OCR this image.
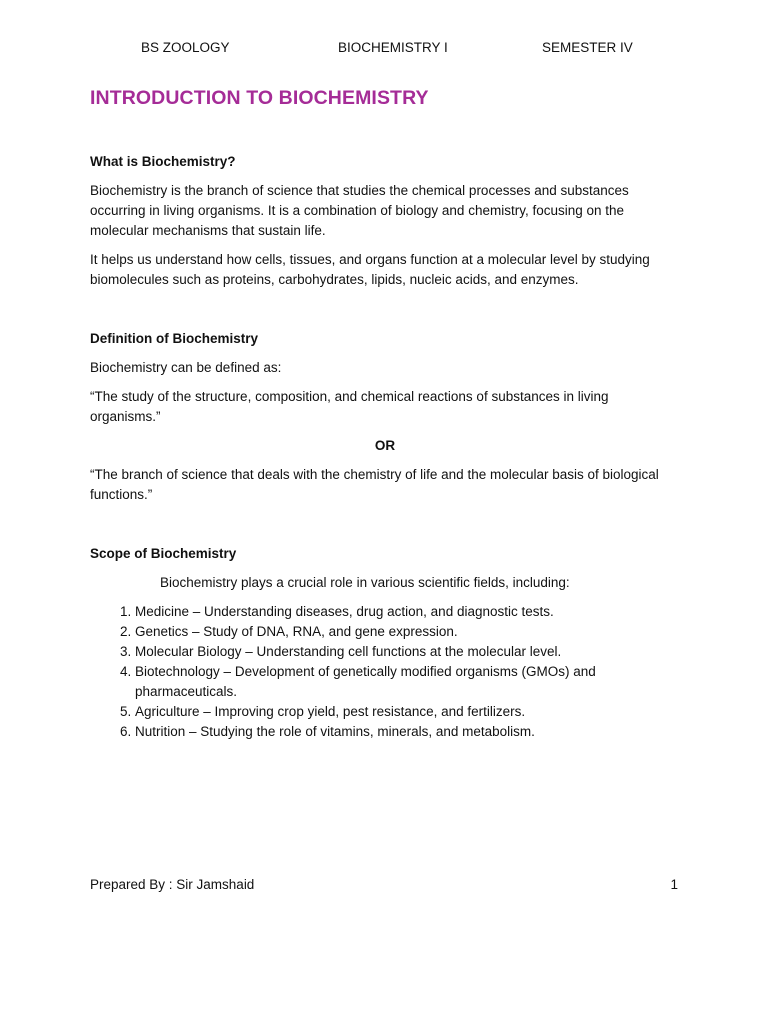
BS ZOOLOGY	BIOCHEMISTRY I	SEMESTER IV
INTRODUCTION TO BIOCHEMISTRY
What is Biochemistry?

Biochemistry is the branch of science that studies the chemical processes and substances occurring in living organisms. It is a combination of biology and chemistry, focusing on the molecular mechanisms that sustain life.

It helps us understand how cells, tissues, and organs function at a molecular level by studying biomolecules such as proteins, carbohydrates, lipids, nucleic acids, and enzymes.

Definition of Biochemistry

Biochemistry can be defined as:

“The study of the structure, composition, and chemical reactions of substances in living organisms.”

OR

“The branch of science that deals with the chemistry of life and the molecular basis of biological functions.”

Scope of Biochemistry

Biochemistry plays a crucial role in various scientific fields, including:

1. Medicine – Understanding diseases, drug action, and diagnostic tests.
2. Genetics – Study of DNA, RNA, and gene expression.
3. Molecular Biology – Understanding cell functions at the molecular level.
4. Biotechnology – Development of genetically modified organisms (GMOs) and pharmaceuticals.
5. Agriculture – Improving crop yield, pest resistance, and fertilizers.
6. Nutrition – Studying the role of vitamins, minerals, and metabolism.
Prepared By : Sir Jamshaid	1
